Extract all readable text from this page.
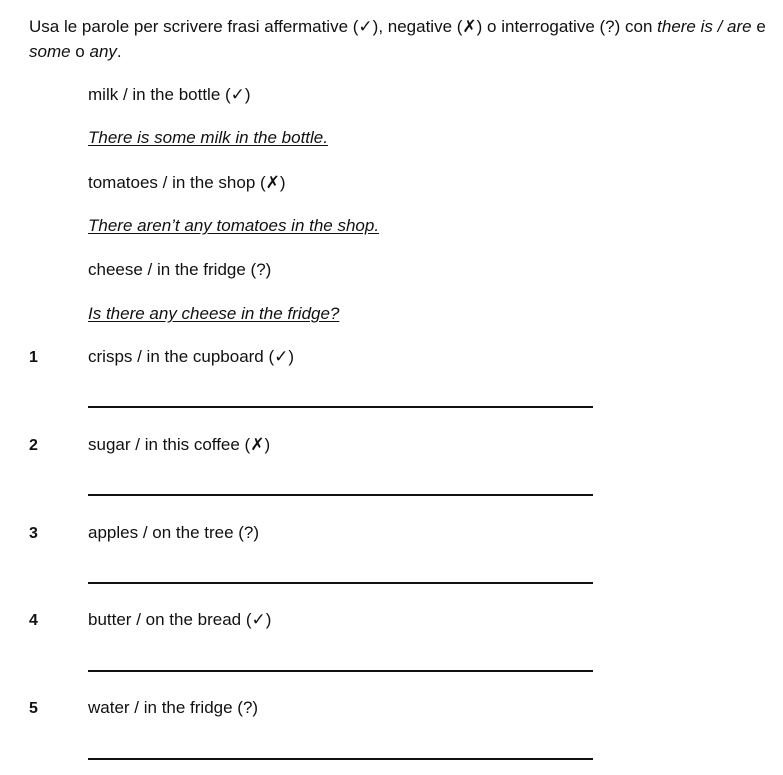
Usa le parole per scrivere frasi affermative (✓), negative (✗) o interrogative (?) con there is / are e some o any.
milk / in the bottle (✓)
There is some milk in the bottle.
tomatoes / in the shop (✗)
There aren’t any tomatoes in the shop.
cheese / in the fridge (?)
Is there any cheese in the fridge?
1	crisps / in the cupboard (✓)
2	sugar / in this coffee (✗)
3	apples / on the tree (?)
4	butter / on the bread (✓)
5	water / in the fridge (?)
